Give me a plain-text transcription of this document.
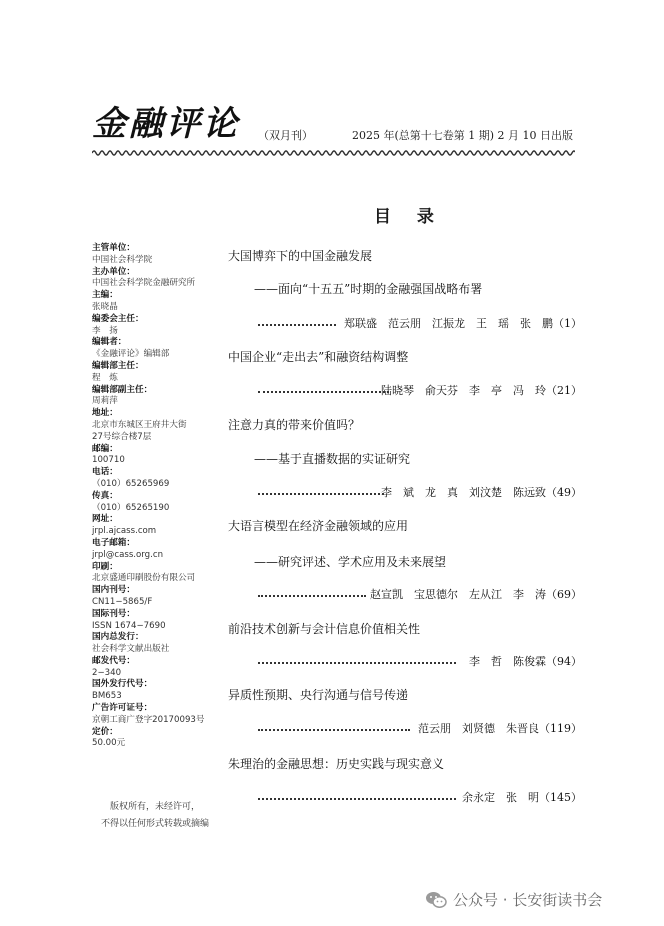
金融评论 （双月刊）	2025 年(总第十七卷第 1 期) 2 月 10 日出版
目 录
主管单位：
中国社会科学院
主办单位：
中国社会科学院金融研究所
主编：
张晓晶
编委会主任：
李　扬
编辑者：
《金融评论》编辑部
编辑部主任：
程　炼
编辑部副主任：
周莉萍
地址：
北京市东城区王府井大街
27号综合楼7层
邮编：
100710
电话：
（010）65265969
传真：
（010）65265190
网址：
jrpl.ajcass.com
电子邮箱：
jrpl@cass.org.cn
印刷：
北京盛通印刷股份有限公司
国内刊号：
CN11−5865/F
国际刊号：
ISSN 1674−7690
国内总发行：
社会科学文献出版社
邮发代号：
2−340
国外发行代号：
BM653
广告许可证号：
京朝工商广登字20170093号
定价：
50.00元
版权所有，未经许可，
不得以任何形式转载或摘编
大国博弈下的中国金融发展
——面向“十五五”时期的金融强国战略布署
郑联盛　范云朋　江振龙　王　瑶　张　鹏（1）
中国企业“走出去”和融资结构调整
陆晓琴　俞天芬　李　亭　冯　玲（21）
注意力真的带来价值吗？
——基于直播数据的实证研究
李　斌　龙　真　刘汶楚　陈远致（49）
大语言模型在经济金融领域的应用
——研究评述、学术应用及未来展望
赵宣凯　宝思德尔　左从江　李　涛（69）
前沿技术创新与会计信息价值相关性
李　哲　陈俊霖（94）
异质性预期、央行沟通与信号传递
范云朋　刘贤德　朱晋良（119）
朱理治的金融思想：历史实践与现实意义
余永定　张　明（145）
公众号 · 长安街读书会
